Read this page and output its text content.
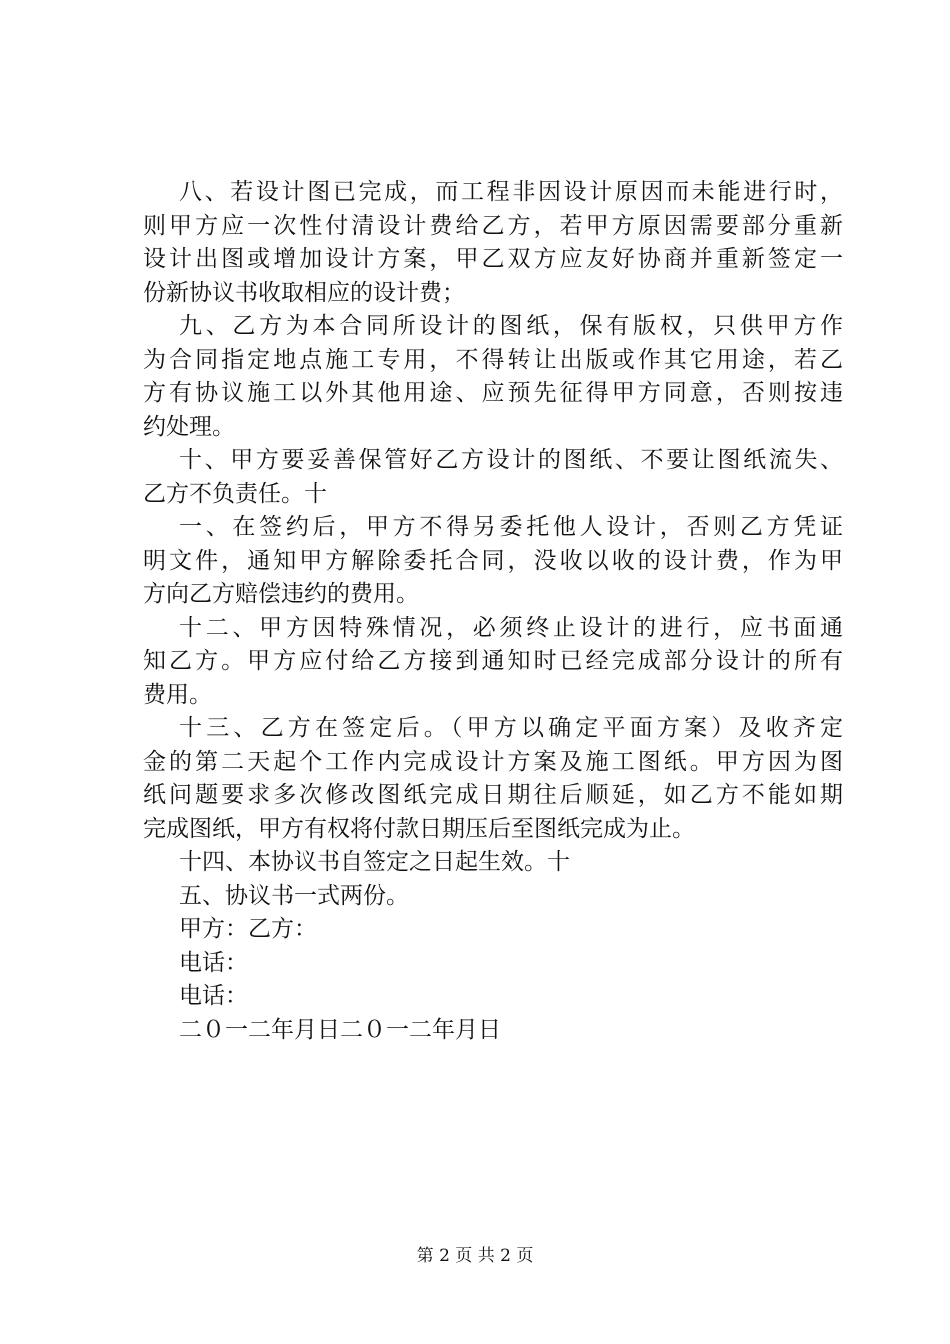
八、若设计图已完成，而工程非因设计原因而未能进行时，
则甲方应一次性付清设计费给乙方，若甲方原因需要部分重新
设计出图或增加设计方案，甲乙双方应友好协商并重新签定一
份新协议书收取相应的设计费；
九、乙方为本合同所设计的图纸，保有版权，只供甲方作
为合同指定地点施工专用，不得转让出版或作其它用途，若乙
方有协议施工以外其他用途、应预先征得甲方同意，否则按违
约处理。
十、甲方要妥善保管好乙方设计的图纸、不要让图纸流失、
乙方不负责任。十
一、在签约后，甲方不得另委托他人设计，否则乙方凭证
明文件，通知甲方解除委托合同，没收以收的设计费，作为甲
方向乙方赔偿违约的费用。
十二、甲方因特殊情况，必须终止设计的进行，应书面通
知乙方。甲方应付给乙方接到通知时已经完成部分设计的所有
费用。
十三、乙方在签定后。（甲方以确定平面方案）及收齐定
金的第二天起个工作内完成设计方案及施工图纸。甲方因为图
纸问题要求多次修改图纸完成日期往后顺延，如乙方不能如期
完成图纸，甲方有权将付款日期压后至图纸完成为止。
十四、本协议书自签定之日起生效。十
五、协议书一式两份。
甲方：乙方：
电话：
电话：
二０一二年月日二０一二年月日
第 2 页 共 2 页
